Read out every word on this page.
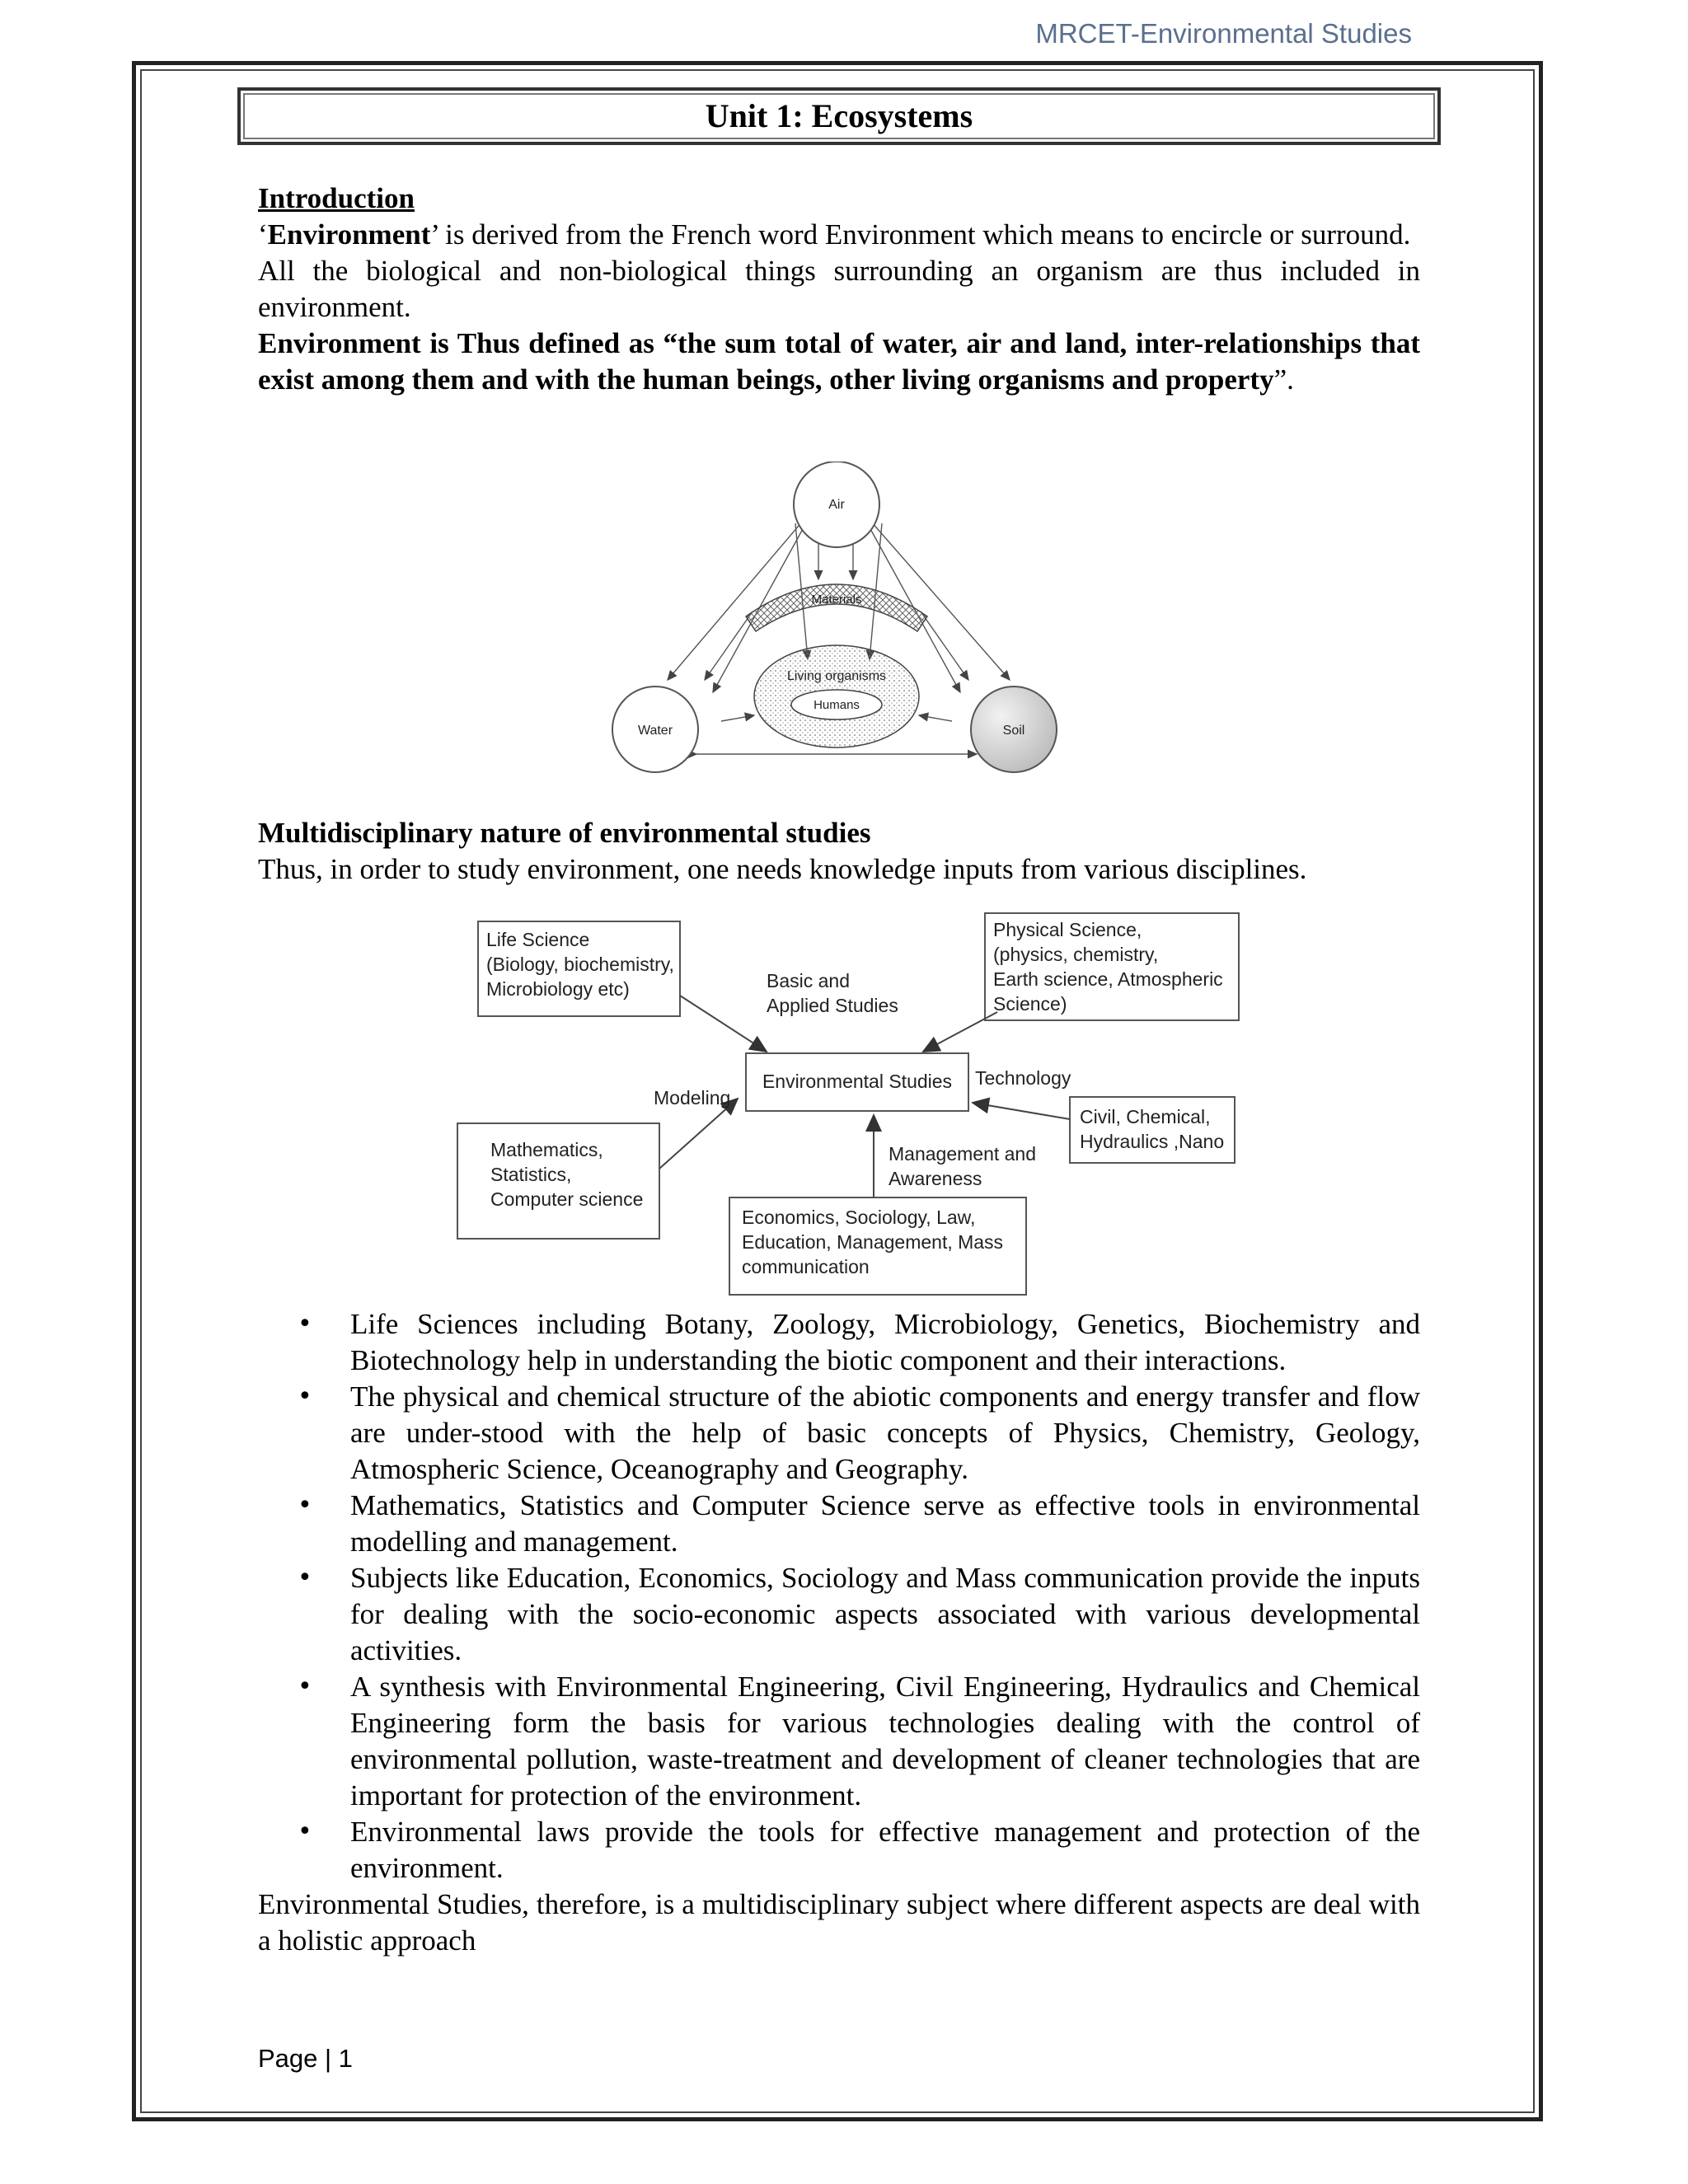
MRCET-Environmental Studies
Unit 1: Ecosystems

Introduction

‘Environment’ is derived from the French word Environment which means to encircle or surround.

All the biological and non-biological things surrounding an organism are thus included in environment.

Environment is Thus defined as “the sum total of water, air and land, inter-relationships that exist among them and with the human beings, other living organisms and property”.

Materials
Living organisms
Humans
Air
Water	Soil

Multidisciplinary nature of environmental studies

Thus, in order to study environment, one needs knowledge inputs from various disciplines.

Life Science
(Biology, biochemistry,
Microbiology etc)
Physical Science,
(physics, chemistry,
Earth science, Atmospheric
Science)
Basic and
Applied Studies
Environmental Studies
Modeling
Technology
Mathematics,
Statistics,
Computer science
Civil, Chemical,
Hydraulics ,Nano
Management and
Awareness
Economics, Sociology, Law,
Education, Management, Mass
communication
• Life Sciences including Botany, Zoology, Microbiology, Genetics, Biochemistry and Biotechnology help in understanding the biotic component and their interactions.
• The physical and chemical structure of the abiotic components and energy transfer and flow are under-stood with the help of basic concepts of Physics, Chemistry, Geology, Atmospheric Science, Oceanography and Geography.
• Mathematics, Statistics and Computer Science serve as effective tools in environmental modelling and management.
• Subjects like Education, Economics, Sociology and Mass communication provide the inputs for dealing with the socio-economic aspects associated with various developmental activities.
• A synthesis with Environmental Engineering, Civil Engineering, Hydraulics and Chemical Engineering form the basis for various technologies dealing with the control of environmental pollution, waste-treatment and development of cleaner technologies that are important for protection of the environment.
• Environmental laws provide the tools for effective management and protection of the environment.

Environmental Studies, therefore, is a multidisciplinary subject where different aspects are deal with a holistic approach

Page | 1
